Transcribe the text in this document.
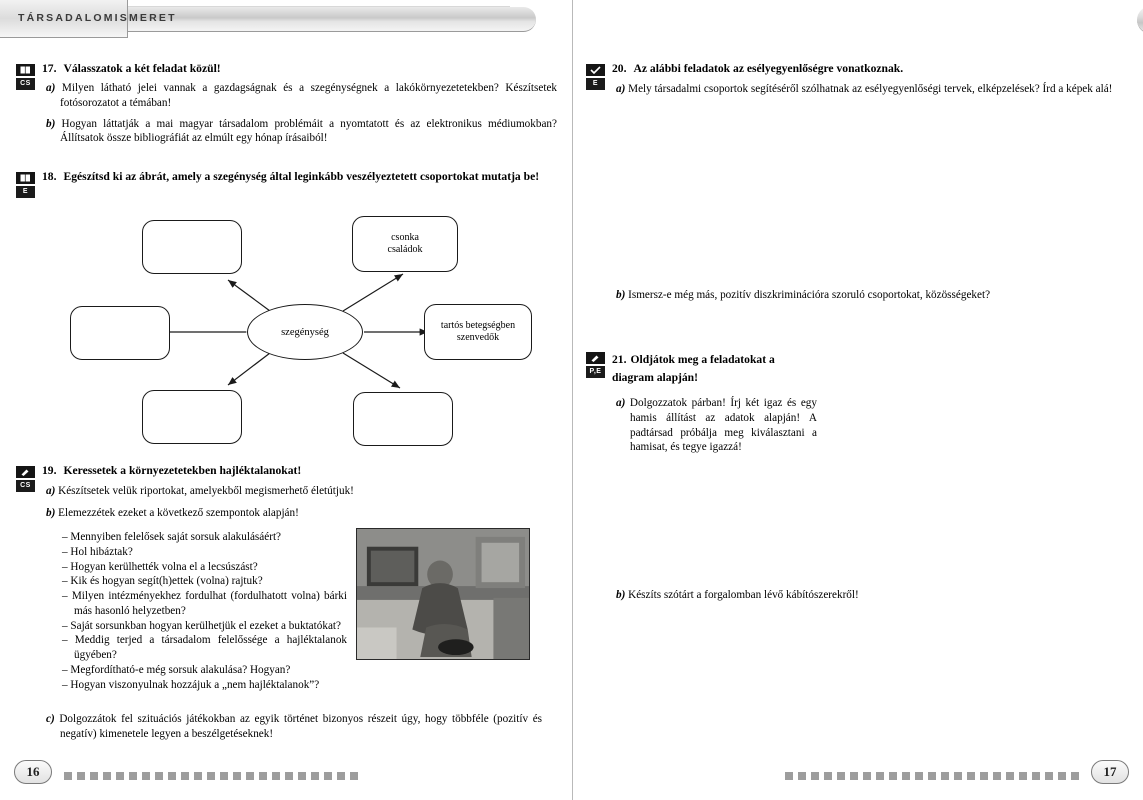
TÁRSADALOMISMERET
CS
17. Válasszatok a két feladat közül!
a) Milyen látható jelei vannak a gazdagságnak és a szegénységnek a lakókörnyezetetekben? Készítsetek fotósorozatot a témában!
b) Hogyan láttatják a mai magyar társadalom problémáit a nyomtatott és az elektronikus médiumokban? Állítsatok össze bibliográfiát az elmúlt egy hónap írásaiból!
E
18. Egészítsd ki az ábrát, amely a szegénység által leginkább veszélyeztetett csoportokat mutatja be!
szegénység
csonka
családok
tartós betegségben
szenvedők
CS
19. Keressetek a környezetetekben hajléktalanokat!
a) Készítsetek velük riportokat, amelyekből megismerhető életútjuk!
b) Elemezzétek ezeket a következő szempontok alapján!
– Mennyiben felelősek saját sorsuk alakulásáért?
– Hol hibáztak?
– Hogyan kerülhették volna el a lecsúszást?
– Kik és hogyan segít(h)ettek (volna) rajtuk?
– Milyen intézményekhez fordulhat (fordulhatott volna) bárki más hasonló helyzetben?
– Saját sorsunkban hogyan kerülhetjük el ezeket a buktatókat?
– Meddig terjed a társadalom felelőssége a hajléktalanok ügyében?
– Megfordítható-e még sorsuk alakulása? Hogyan?
– Hogyan viszonyulnak hozzájuk a „nem hajléktalanok”?
c) Dolgozzátok fel szituációs játékokban az egyik történet bizonyos részeit úgy, hogy többféle (pozitív és negatív) kimenetele legyen a beszélgetéseknek!
16
E
20. Az alábbi feladatok az esélyegyenlőségre vonatkoznak.
a) Mely társadalmi csoportok segítéséről szólhatnak az esélyegyenlőségi tervek, elképzelések? Írd a képek alá!
b) Ismersz-e még más, pozitív diszkriminációra szoruló csoportokat, közösségeket?
P,E
21. Oldjátok meg a feladatokat a diagram alapján!
a) Dolgozzatok párban! Írj két igaz és egy hamis állítást az adatok alapján! A padtársad próbálja meg kiválasztani a hamisat, és tegye igazzá!
b) Készíts szótárt a forgalomban lévő kábítószerekről!
17
